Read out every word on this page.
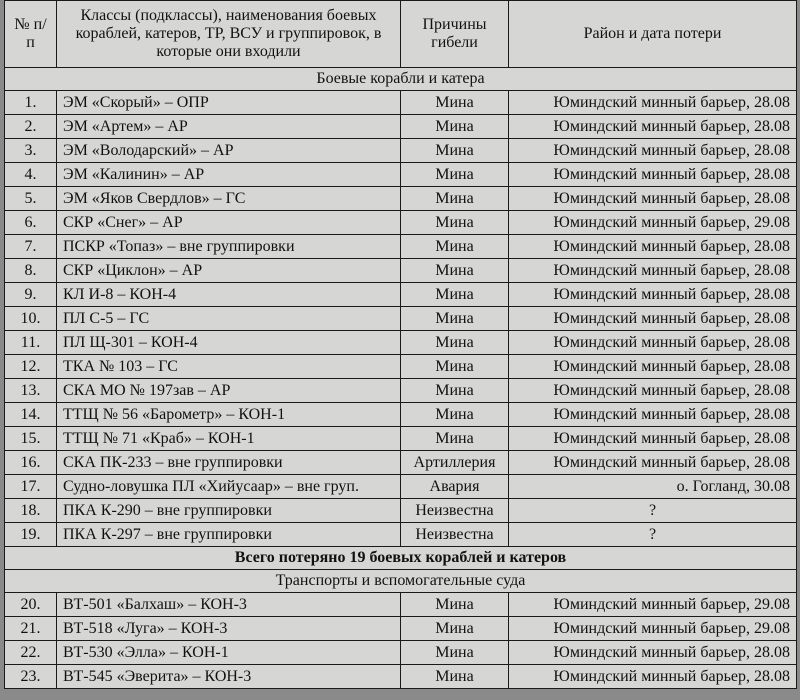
№ п/п	Классы (подклассы), наименования боевых кораблей, катеров, ТР, ВСУ и группировок, в которые они входили	Причины гибели	Район и дата потери
Боевые корабли и катера			
1.	ЭМ «Скорый» – ОПР	Мина	Юминдский минный барьер, 28.08
2.	ЭМ «Артем» – АР	Мина	Юминдский минный барьер, 28.08
3.	ЭМ «Володарский» – АР	Мина	Юминдский минный барьер, 28.08
4.	ЭМ «Калинин» – АР	Мина	Юминдский минный барьер, 28.08
5.	ЭМ «Яков Свердлов» – ГС	Мина	Юминдский минный барьер, 28.08
6.	СКР «Снег» – АР	Мина	Юминдский минный барьер, 29.08
7.	ПСКР «Топаз» – вне группировки	Мина	Юминдский минный барьер, 28.08
8.	СКР «Циклон» – АР	Мина	Юминдский минный барьер, 28.08
9.	КЛ И-8 – КОН-4	Мина	Юминдский минный барьер, 28.08
10.	ПЛ С-5 – ГС	Мина	Юминдский минный барьер, 28.08
11.	ПЛ Щ-301 – КОН-4	Мина	Юминдский минный барьер, 28.08
12.	ТКА № 103 – ГС	Мина	Юминдский минный барьер, 28.08
13.	СКА МО № 197зав – АР	Мина	Юминдский минный барьер, 28.08
14.	ТТЩ № 56 «Барометр» – КОН-1	Мина	Юминдский минный барьер, 28.08
15.	ТТЩ № 71 «Краб» – КОН-1	Мина	Юминдский минный барьер, 28.08
16.	СКА ПК-233 – вне группировки	Артиллерия	Юминдский минный барьер, 28.08
17.	Судно-ловушка ПЛ «Хийусаар» – вне груп.	Авария	о. Гогланд, 30.08
18.	ПКА К-290 – вне группировки	Неизвестна	?
19.	ПКА К-297 – вне группировки	Неизвестна	?
Всего потеряно 19 боевых кораблей и катеров			
Транспорты и вспомогательные суда			
20.	ВТ-501 «Балхаш» – КОН-3	Мина	Юминдский минный барьер, 29.08
21.	ВТ-518 «Луга» – КОН-3	Мина	Юминдский минный барьер, 29.08
22.	ВТ-530 «Элла» – КОН-1	Мина	Юминдский минный барьер, 28.08
23.	ВТ-545 «Эверита» – КОН-3	Мина	Юминдский минный барьер, 28.08
